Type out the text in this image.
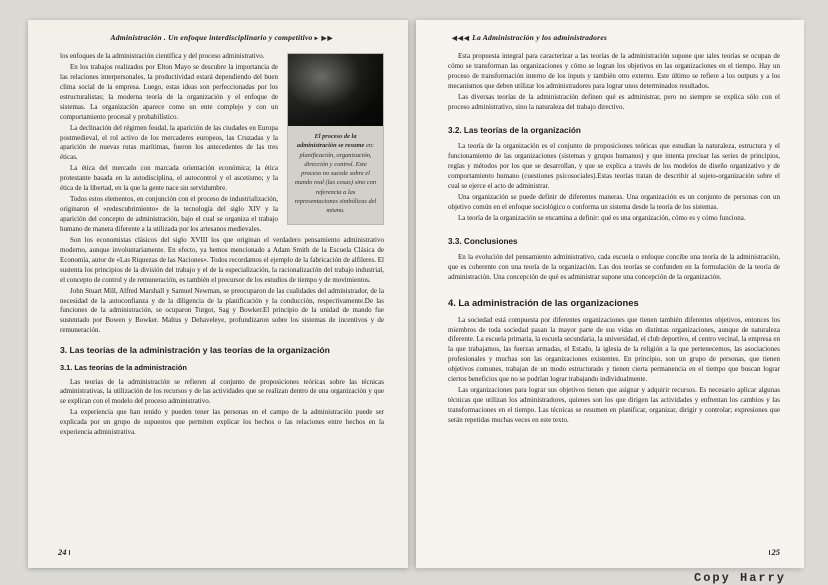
Administración . Un enfoque interdisciplinario y competitivo ▸ ▶▶
El proceso de la administración se resume en: planificación, organización, dirección y control. Este proceso no sucede sobre el mundo real (las cosas) sino con referencia a las representaciones simbólicas del mismo.

los enfoques de la administración científica y del proceso administrativo.

En los trabajos realizados por Elton Mayo se descubre la importancia de las relaciones interpersonales, la productividad estará dependiendo del buen clima social de la empresa. Luego, estas ideas son perfeccionadas por los estructuralistas; la moderna teoría de la organización y el enfoque de sistemas. La organización aparece como un ente complejo y con un comportamiento procesal y probabilístico.

La declinación del régimen feudal, la aparición de las ciudades en Europa postmedieval, el rol activo de los mercaderes europeos, las Cruzadas y la aparición de nuevas rutas marítimas, fueron los antecedentes de las tres éticas.

La ética del mercado con marcada orientación económica; la ética protestante basada en la autodisciplina, el autocontrol y el ascetismo; y la ética de la libertad, en la que la gente nace sin servidumbre.

Todos estos elementos, en conjunción con el proceso de industrialización, originaron el «redescubrimiento» de la tecnología del siglo XIV y la aparición del concepto de administración, bajo el cual se organiza el trabajo humano de manera diferente a la utilizada por los artesanos medievales.

Son los economistas clásicos del siglo XVIII los que originan el verdadero pensamiento administrativo moderno, aunque involuntariamente. En efecto, ya hemos mencionado a Adam Smith de la Escuela Clásica de Economía, autor de «Las Riquezas de las Naciones». Todos recordamos el ejemplo de la fabricación de alfileres. El sustenta los principios de la división del trabajo y el de la especialización, la racionalización del trabajo industrial, el concepto de control y de remuneración, es también el precursor de los estudios de tiempo y de movimientos.

John Stuart Mill, Alfred Marshall y Samuel Newman, se preocuparon de las cualidades del administrador, de la necesidad de la autoconfianza y de la diligencia de la planificación y la conducción, respectivamente.De las funciones de la administración, se ocuparon Turgot, Sag y Bowker.El principio de la unidad de mando fue sustentado por Bowen y Bowker. Maltus y Dehaveleye, profundizaron sobre los sistemas de incentivos y de remuneración.

3. Las teorías de la administración y las teorías de la organización
3.1. Las teorías de la administración

Las teorías de la administración se refieren al conjunto de proposiciones teóricas sobre las técnicas administrativas, la utilización de los recursos y de las actividades que se realizan dentro de una organización y que se explican con el modelo del proceso administrativo.

La experiencia que han tenido y pueden tener las personas en el campo de la administración puede ser explicada por un grupo de supuestos que permiten explicar los hechos o las relaciones entre hechos en la experiencia administrativa.

24
◀◀◀ La Administración y los administradores

Esta propuesta integral para caracterizar a las teorías de la administración supone que tales teorías se ocupan de cómo se transforman las organizaciones y cómo se logran los objetivos en las organizaciones en el tiempo. Hay un proceso de transformación interno de los inputs y también otro externo. Este último se refiere a los outputs y a los mecanismos que deben utilizar los administradores para lograr unos determinados resultados.

Las diversas teorías de la administración definen qué es administrar, pero no siempre se explica sólo con el proceso administrativo, sino la naturaleza del trabajo directivo.

3.2. Las teorías de la organización

La teoría de la organización es el conjunto de proposiciones teóricas que estudian la naturaleza, estructura y el funcionamiento de las organizaciones (sistemas y grupos humanos) y que intenta precisar las series de principios, reglas y métodos por los que se desarrollan, y que se explica a través de los modelos de diseño organizativo y de comportamiento humano (cuestiones psicosociales).Estas teorías tratan de describir al sujeto-organización sobre el cual se ejerce el acto de administrar.

Una organización se puede definir de diferentes maneras. Una organización es un conjunto de personas con un objetivo común en el enfoque sociológico o conforma un sistema desde la teoría de los sistemas.

La teoría de la organización se encamina a definir: qué es una organización, cómo es y cómo funciona.

3.3. Conclusiones

En la evolución del pensamiento administrativo, cada escuela o enfoque concibe una teoría de la administración, que es coherente con una teoría de la organización. Las dos teorías se confunden en la formulación de la teoría de administración. Una concepción de qué es administrar supone una concepción de la organización.

4. La administración de las organizaciones

La sociedad está compuesta por diferentes organizaciones que tienen también diferentes objetivos, entonces los miembros de toda sociedad pasan la mayor parte de sus vidas en distintas organizaciones, aunque de naturaleza diferente. La escuela primaria, la escuela secundaria, la universidad, el club deportivo, el centro vecinal, la empresa en la que trabajamos, las fuerzas armadas, el Estado, la iglesia de la religión a la que pertenecemos, las asociaciones profesionales y muchas son las organizaciones existentes. En principio, son un grupo de personas, que tienen objetivos comunes, trabajan de un modo estructurado y tienen cierta permanencia en el tiempo que buscan lograr ciertos beneficios que no se podrían lograr trabajando individualmente.

Las organizaciones para lograr sus objetivos tienen que asignar y adquirir recursos. Es necesario aplicar algunas técnicas que utilizan los administradores, quienes son los que dirigen las actividades y enfrentan los cambios y las transformaciones en el tiempo. Las técnicas se resumen en planificar, organizar, dirigir y controlar; expresiones que serán repetidas muchas veces en este texto.

25
Copy Harry
